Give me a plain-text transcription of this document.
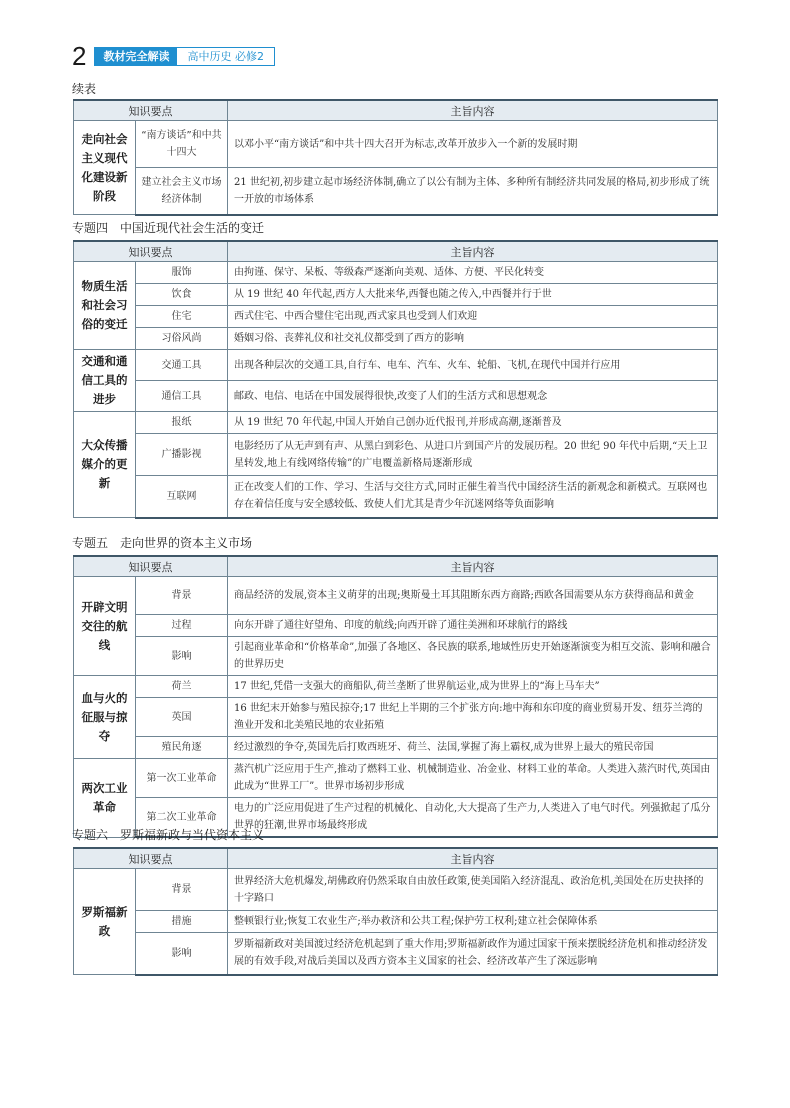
2	教材完全解读	高中历史 必修2
续表
知识要点		主旨内容
走向社会主义现代化建设新阶段	“南方谈话”和中共十四大	以邓小平“南方谈话”和中共十四大召开为标志,改革开放步入一个新的发展时期
	建立社会主义市场经济体制	21 世纪初,初步建立起市场经济体制,确立了以公有制为主体、多种所有制经济共同发展的格局,初步形成了统一开放的市场体系
专题四　中国近现代社会生活的变迁
知识要点		主旨内容
物质生活和社会习俗的变迁	服饰	由拘谨、保守、呆板、等级森严逐渐向美观、适体、方便、平民化转变
	饮食	从 19 世纪 40 年代起,西方人大批来华,西餐也随之传入,中西餐并行于世
	住宅	西式住宅、中西合璧住宅出现,西式家具也受到人们欢迎
	习俗风尚	婚姻习俗、丧葬礼仪和社交礼仪都受到了西方的影响
交通和通信工具的进步	交通工具	出现各种层次的交通工具,自行车、电车、汽车、火车、轮船、飞机,在现代中国并行应用
	通信工具	邮政、电信、电话在中国发展得很快,改变了人们的生活方式和思想观念
大众传播媒介的更新	报纸	从 19 世纪 70 年代起,中国人开始自己创办近代报刊,并形成高潮,逐渐普及
	广播影视	电影经历了从无声到有声、从黑白到彩色、从进口片到国产片的发展历程。20 世纪 90 年代中后期,“天上卫星转发,地上有线网络传输”的广电覆盖新格局逐渐形成
	互联网	正在改变人们的工作、学习、生活与交往方式,同时正催生着当代中国经济生活的新观念和新模式。互联网也存在着信任度与安全感较低、致使人们尤其是青少年沉迷网络等负面影响
专题五　走向世界的资本主义市场
知识要点		主旨内容
开辟文明交往的航线	背景	商品经济的发展,资本主义萌芽的出现;奥斯曼土耳其阻断东西方商路;西欧各国需要从东方获得商品和黄金
	过程	向东开辟了通往好望角、印度的航线;向西开辟了通往美洲和环球航行的路线
	影响	引起商业革命和“价格革命”,加强了各地区、各民族的联系,地域性历史开始逐渐演变为相互交流、影响和融合的世界历史
血与火的征服与掠夺	荷兰	17 世纪,凭借一支强大的商船队,荷兰垄断了世界航运业,成为世界上的“海上马车夫”
	英国	16 世纪末开始参与殖民掠夺;17 世纪上半期的三个扩张方向:地中海和东印度的商业贸易开发、纽芬兰湾的渔业开发和北美殖民地的农业拓殖
	殖民角逐	经过激烈的争夺,英国先后打败西班牙、荷兰、法国,掌握了海上霸权,成为世界上最大的殖民帝国
两次工业革命	第一次工业革命	蒸汽机广泛应用于生产,推动了燃料工业、机械制造业、冶金业、材料工业的革命。人类进入蒸汽时代,英国由此成为“世界工厂”。世界市场初步形成
	第二次工业革命	电力的广泛应用促进了生产过程的机械化、自动化,大大提高了生产力,人类进入了电气时代。列强掀起了瓜分世界的狂潮,世界市场最终形成
专题六　罗斯福新政与当代资本主义
知识要点		主旨内容
罗斯福新政	背景	世界经济大危机爆发,胡佛政府仍然采取自由放任政策,使美国陷入经济混乱、政治危机,美国处在历史抉择的十字路口
	措施	整顿银行业;恢复工农业生产;举办救济和公共工程;保护劳工权利;建立社会保障体系
	影响	罗斯福新政对美国渡过经济危机起到了重大作用;罗斯福新政作为通过国家干预来摆脱经济危机和推动经济发展的有效手段,对战后美国以及西方资本主义国家的社会、经济改革产生了深远影响
